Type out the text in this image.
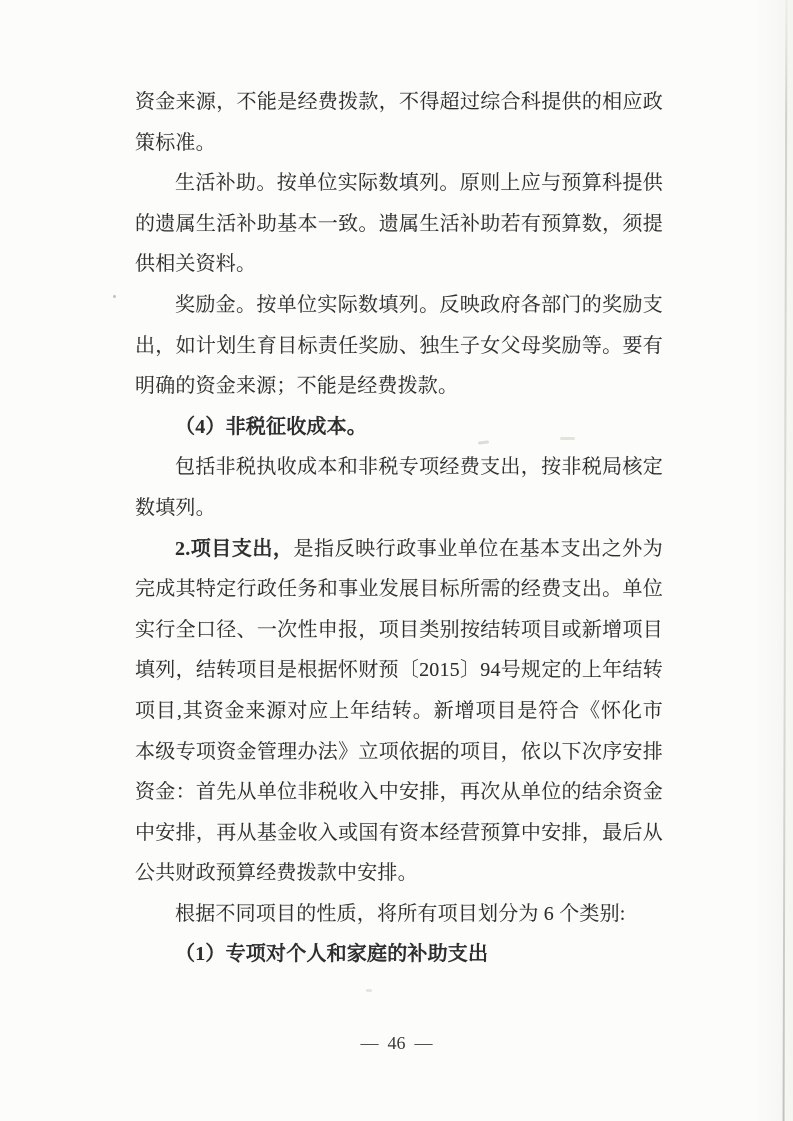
资金来源，不能是经费拨款，不得超过综合科提供的相应政
策标准。
生活补助。按单位实际数填列。原则上应与预算科提供
的遗属生活补助基本一致。遗属生活补助若有预算数，须提
供相关资料。
奖励金。按单位实际数填列。反映政府各部门的奖励支
出，如计划生育目标责任奖励、独生子女父母奖励等。要有
明确的资金来源；不能是经费拨款。
（4）非税征收成本。
包括非税执收成本和非税专项经费支出，按非税局核定
数填列。
2.项目支出，是指反映行政事业单位在基本支出之外为
完成其特定行政任务和事业发展目标所需的经费支出。单位
实行全口径、一次性申报，项目类别按结转项目或新增项目
填列，结转项目是根据怀财预〔2015〕94号规定的上年结转
项目,其资金来源对应上年结转。新增项目是符合《怀化市
本级专项资金管理办法》立项依据的项目，依以下次序安排
资金：首先从单位非税收入中安排，再次从单位的结余资金
中安排，再从基金收入或国有资本经营预算中安排，最后从
公共财政预算经费拨款中安排。
根据不同项目的性质，将所有项目划分为 6 个类别:
（1）专项对个人和家庭的补助支出
— 46 —
